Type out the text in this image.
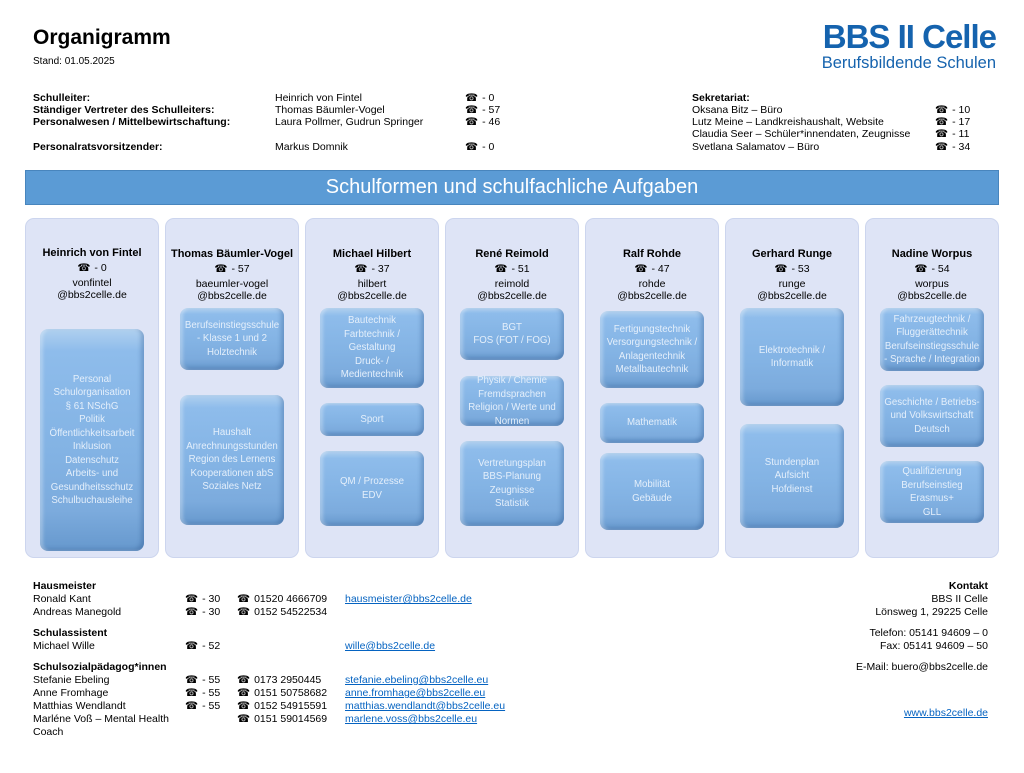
Organigramm
Stand: 01.05.2025
BBS II Celle
Berufsbildende Schulen
Schulleiter:	Heinrich von Fintel	☎ - 0
Ständiger Vertreter des Schulleiters:	Thomas Bäumler-Vogel	☎ - 57
Personalwesen / Mittelbewirtschaftung:	Laura Pollmer, Gudrun Springer	☎ - 46
Personalratsvorsitzender:	Markus Domnik	☎ - 0
Sekretariat:
Oksana Bitz – Büro	☎ - 10
Lutz Meine – Landkreishaushalt, Website	☎ - 17
Claudia Seer – Schüler*innendaten, Zeugnisse	☎ - 11
Svetlana Salamatov – Büro	☎ - 34
Schulformen und schulfachliche Aufgaben
Heinrich von Fintel
☎ - 0
vonfintel
@bbs2celle.de
Personal
Schulorganisation
§ 61 NSchG
Politik
Öffentlichkeitsarbeit
Inklusion
Datenschutz
Arbeits- und Gesundheitsschutz
Schulbuchausleihe
Thomas Bäumler-Vogel
☎ - 57
baeumler-vogel
@bbs2celle.de
Berufseinstiegsschule
- Klasse 1 und 2
Holztechnik
Haushalt
Anrechnungsstunden
Region des Lernens
Kooperationen abS
Soziales Netz
Michael Hilbert
☎ - 37
hilbert
@bbs2celle.de
Bautechnik
Farbtechnik / Gestaltung
Druck- / Medientechnik
Sport
QM / Prozesse
EDV
René Reimold
☎ - 51
reimold
@bbs2celle.de
BGT
FOS (FOT / FOG)
Physik / Chemie
Fremdsprachen
Religion / Werte und Normen
Vertretungsplan
BBS-Planung
Zeugnisse
Statistik
Ralf Rohde
☎ - 47
rohde
@bbs2celle.de
Fertigungstechnik
Versorgungstechnik / Anlagentechnik
Metallbautechnik
Mathematik
Mobilität
Gebäude
Gerhard Runge
☎ - 53
runge
@bbs2celle.de
Elektrotechnik / Informatik
Stundenplan
Aufsicht
Hofdienst
Nadine Worpus
☎ - 54
worpus
@bbs2celle.de
Fahrzeugtechnik / Fluggerättechnik
Berufseinstiegsschule
- Sprache / Integration
Geschichte / Betriebs- und Volkswirtschaft
Deutsch
Qualifizierung
Berufseinstieg
Erasmus+
GLL
Hausmeister
Ronald Kant	☎ - 30	☎ 01520 4666709	hausmeister@bbs2celle.de
Andreas Manegold	☎ - 30	☎ 0152 54522534
Schulassistent
Michael Wille	☎ - 52	wille@bbs2celle.de
Schulsozialpädagog*innen
Stefanie Ebeling	☎ - 55	☎ 0173 2950445	stefanie.ebeling@bbs2celle.eu
Anne Fromhage	☎ - 55	☎ 0151 50758682	anne.fromhage@bbs2celle.eu
Matthias Wendlandt	☎ - 55	☎ 0152 54915591	matthias.wendlandt@bbs2celle.eu
Marléne Voß – Mental Health Coach
☎ 0151 59014569	marlene.voss@bbs2celle.eu
Kontakt
BBS II Celle
Lönsweg 1, 29225 Celle
Telefon: 05141 94609 – 0
Fax: 05141 94609 – 50
E-Mail: buero@bbs2celle.de
www.bbs2celle.de
